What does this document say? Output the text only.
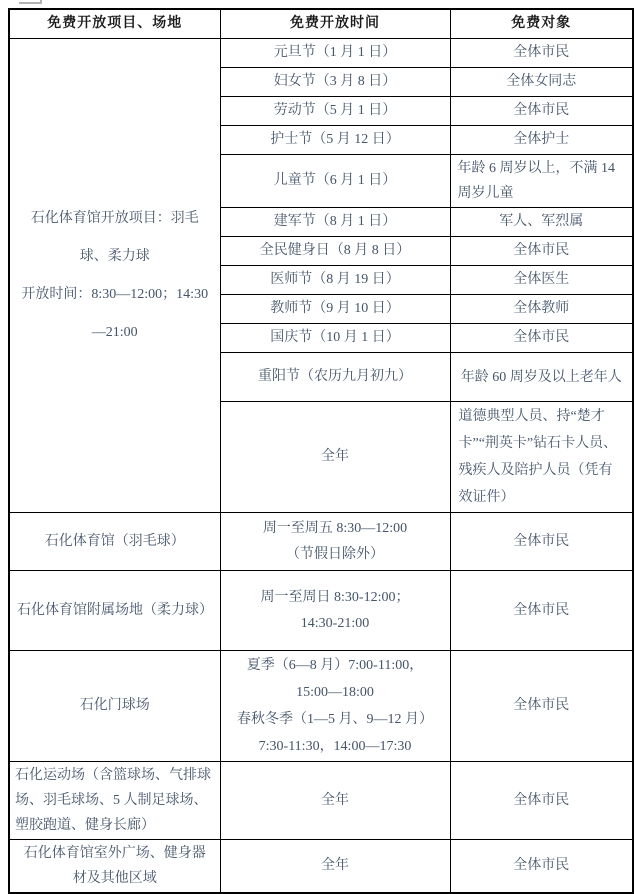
免费开放项目、场地	免费开放时间	免费对象

石化体育馆开放项目：羽毛球、柔力球
开放时间：8:30—12:00；14:30—21:00	元旦节（1 月 1 日）	全体市民
	妇女节（3 月 8 日）	全体女同志
	劳动节（5 月 1 日）	全体市民
	护士节（5 月 12 日）	全体护士
	儿童节（6 月 1 日）	年龄 6 周岁以上，不满 14 周岁儿童
	建军节（8 月 1 日）	军人、军烈属
	全民健身日（8 月 8 日）	全体市民
	医师节（8 月 19 日）	全体医生
	教师节（9 月 10 日）	全体教师
	国庆节（10 月 1 日）	全体市民
	重阳节（农历九月初九）	年龄 60 周岁及以上老年人
	全年	道德典型人员、持“楚才卡”“荆英卡”钻石卡人员、残疾人及陪护人员（凭有效证件）
石化体育馆（羽毛球）	周一至周五 8:30—12:00
（节假日除外）	全体市民
石化体育馆附属场地（柔力球）	周一至周日 8:30-12:00；
14:30-21:00	全体市民
石化门球场	夏季（6—8 月）7:00-11:00，
15:00—18:00
春秋冬季（1—5 月、9—12 月）
7:30-11:30，14:00—17:30	全体市民
石化运动场（含篮球场、气排球场、羽毛球场、5 人制足球场、塑胶跑道、健身长廊）	全年	全体市民
石化体育馆室外广场、健身器材及其他区域	全年	全体市民
